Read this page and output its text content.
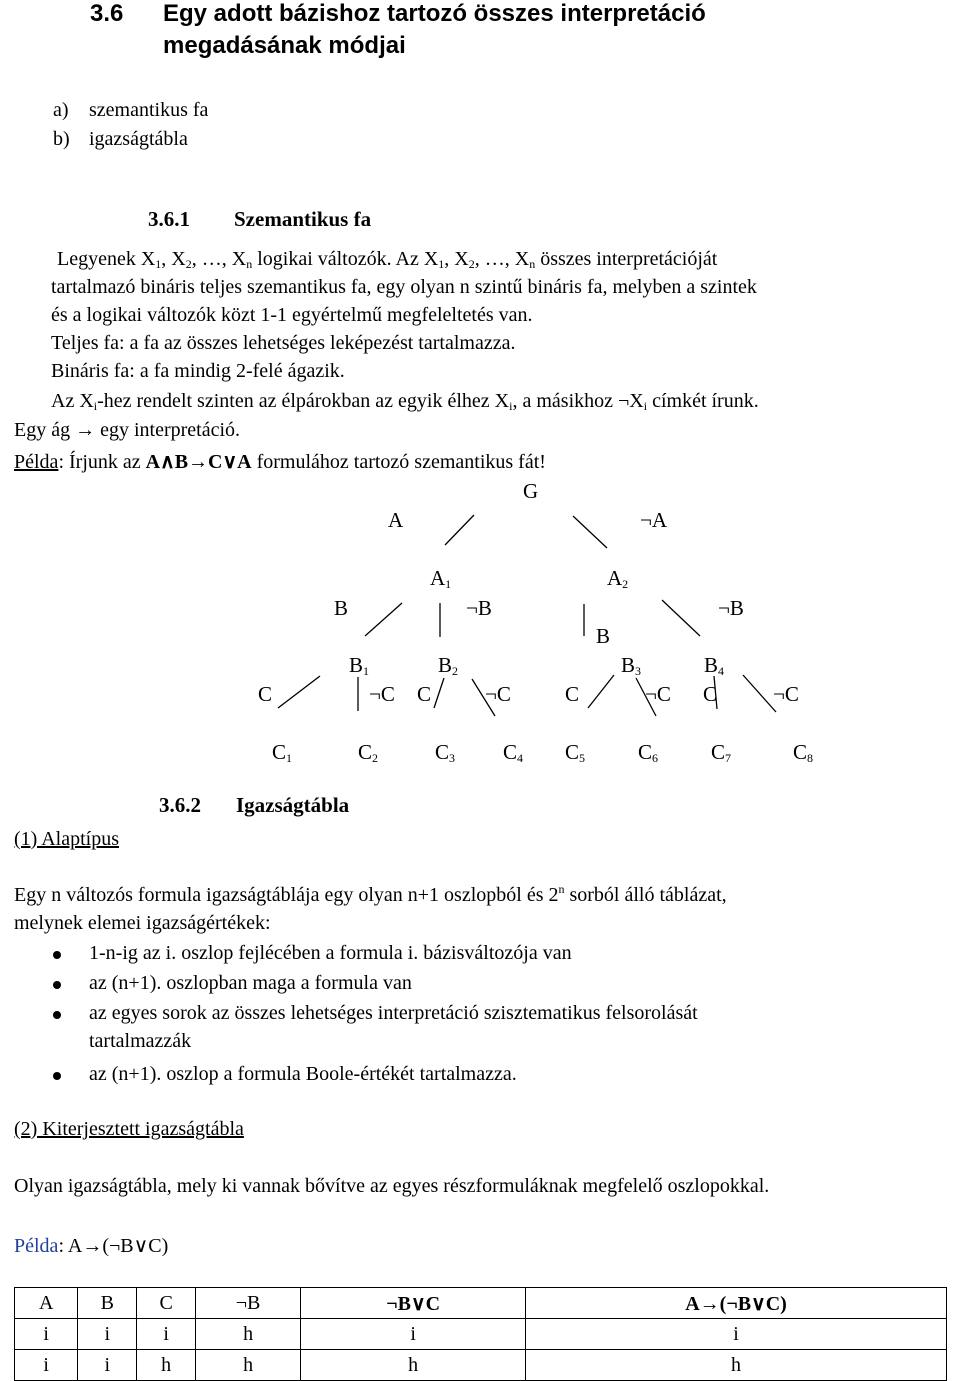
3.6 Egy adott bázishoz tartozó összes interpretáció
megadásának módjai
a) szemantikus fa
b) igazságtábla
3.6.1 Szemantikus fa
Legyenek $X_1$, $X_2$, …, $X_n$ logikai változók. Az $X_1$, $X_2$, …, $X_n$ összes interpretációját
tartalmazó bináris teljes szemantikus fa, egy olyan n szintű bináris fa, melyben a szintek
és a logikai változók közt 1-1 egyértelmű megfeleltetés van.
Teljes fa: a fa az összes lehetséges leképezést tartalmazza.
Bináris fa: a fa mindig 2-felé ágazik.
Az $X_i$-hez rendelt szinten az élpárokban az egyik élhez $X_i$, a másikhoz $\neg X_i$ címkét írunk.
Egy ág → egy interpretáció.
Példa: Írjunk az A∧B→C∨A formulához tartozó szemantikus fát!
G
A	¬A
$A_1$	$A_2$
B	¬B
B
¬B
$B_1$	$B_2$	$B_3$	$B_4$
C	¬C C	¬C	C	¬C C	¬C
$C_1$	$C_2$	$C_3$ $C_4$ $C_5$	$C_6$	$C_7$	$C_8$
3.6.2 Igazságtábla
(1) Alaptípus
Egy n változós formula igazságtáblája egy olyan n+1 oszlopból és 2$^n$ sorból álló táblázat,
melynek elemei igazságértékek:
1-n-ig az i. oszlop fejlécében a formula i. bázisváltozója van
az (n+1). oszlopban maga a formula van
az egyes sorok az összes lehetséges interpretáció szisztematikus felsorolását
tartalmazzák
az (n+1). oszlop a formula Boole-értékét tartalmazza.
(2) Kiterjesztett igazságtábla
Olyan igazságtábla, mely ki vannak bővítve az egyes részformuláknak megfelelő oszlopokkal.
Példa: A→(¬B∨C)
A	B	C	¬B	¬B∨C	A→(¬B∨C)
i	i	i	h	i	i
i	i	h	h	h	h
